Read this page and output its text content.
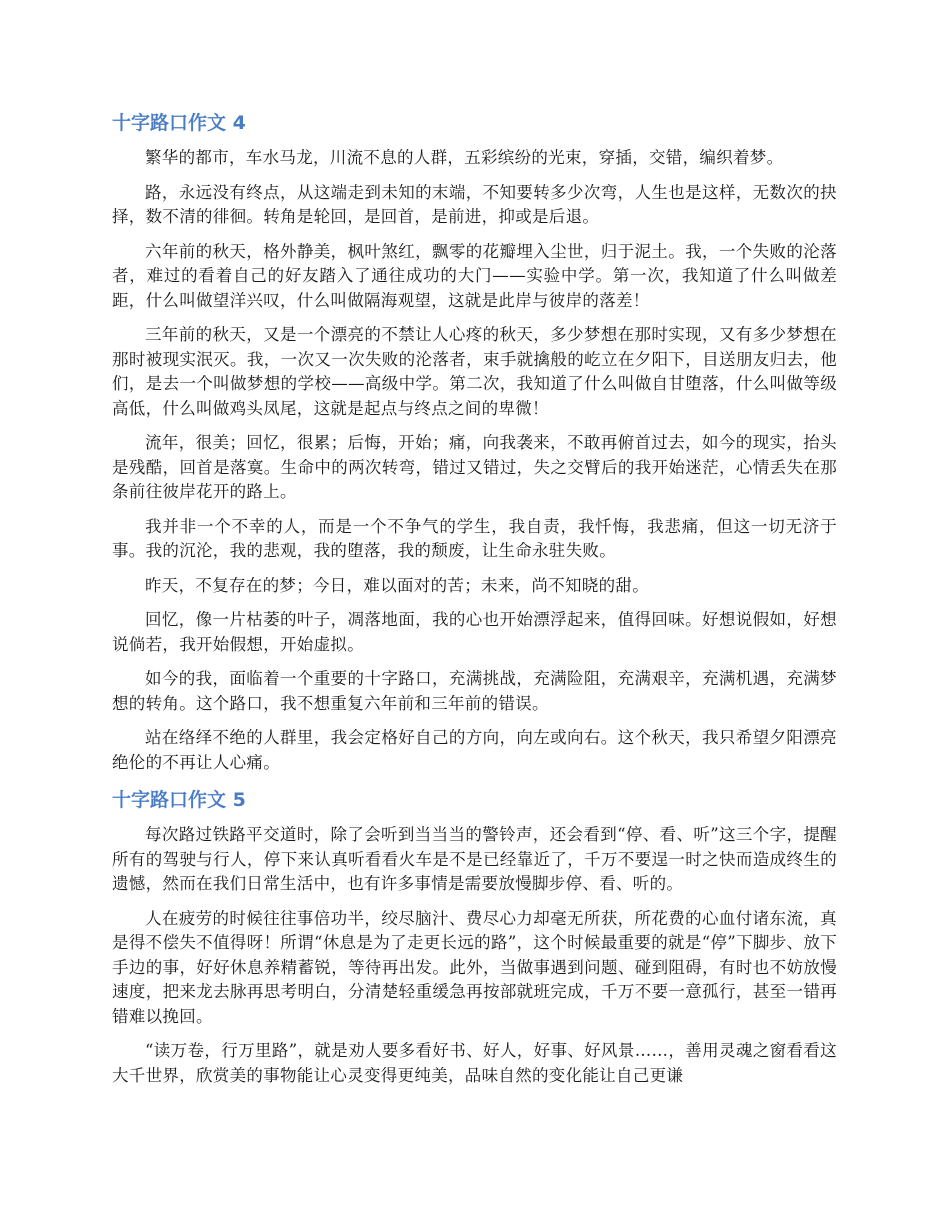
十字路口作文 4

繁华的都市，车水马龙，川流不息的人群，五彩缤纷的光束，穿插，交错，编织着梦。

路，永远没有终点，从这端走到未知的末端，不知要转多少次弯，人生也是这样，无数次的抉择，数不清的徘徊。转角是轮回，是回首，是前进，抑或是后退。

六年前的秋天，格外静美，枫叶煞红，飘零的花瓣埋入尘世，归于泥土。我，一个失败的沦落者，难过的看着自己的好友踏入了通往成功的大门——实验中学。第一次，我知道了什么叫做差距，什么叫做望洋兴叹，什么叫做隔海观望，这就是此岸与彼岸的落差！

三年前的秋天，又是一个漂亮的不禁让人心疼的秋天，多少梦想在那时实现，又有多少梦想在那时被现实泯灭。我，一次又一次失败的沦落者，束手就擒般的屹立在夕阳下，目送朋友归去，他们，是去一个叫做梦想的学校——高级中学。第二次，我知道了什么叫做自甘堕落，什么叫做等级高低，什么叫做鸡头凤尾，这就是起点与终点之间的卑微！

流年，很美；回忆，很累；后悔，开始；痛，向我袭来，不敢再俯首过去，如今的现实，抬头是残酷，回首是落寞。生命中的两次转弯，错过又错过，失之交臂后的我开始迷茫，心情丢失在那条前往彼岸花开的路上。

我并非一个不幸的人，而是一个不争气的学生，我自责，我忏悔，我悲痛，但这一切无济于事。我的沉沦，我的悲观，我的堕落，我的颓废，让生命永驻失败。

昨天，不复存在的梦；今日，难以面对的苦；未来，尚不知晓的甜。

回忆，像一片枯萎的叶子，凋落地面，我的心也开始漂浮起来，值得回味。好想说假如，好想说倘若，我开始假想，开始虚拟。

如今的我，面临着一个重要的十字路口，充满挑战，充满险阻，充满艰辛，充满机遇，充满梦想的转角。这个路口，我不想重复六年前和三年前的错误。

站在络绎不绝的人群里，我会定格好自己的方向，向左或向右。这个秋天，我只希望夕阳漂亮绝伦的不再让人心痛。

十字路口作文 5

每次路过铁路平交道时，除了会听到当当当的警铃声，还会看到“停、看、听”这三个字，提醒所有的驾驶与行人，停下来认真听看看火车是不是已经靠近了，千万不要逞一时之快而造成终生的遗憾，然而在我们日常生活中，也有许多事情是需要放慢脚步停、看、听的。

人在疲劳的时候往往事倍功半，绞尽脑汁、费尽心力却毫无所获，所花费的心血付诸东流，真是得不偿失不值得呀！所谓“休息是为了走更长远的路”，这个时候最重要的就是“停”下脚步、放下手边的事，好好休息养精蓄锐，等待再出发。此外，当做事遇到问题、碰到阻碍，有时也不妨放慢速度，把来龙去脉再思考明白，分清楚轻重缓急再按部就班完成，千万不要一意孤行，甚至一错再错难以挽回。

“读万卷，行万里路”，就是劝人要多看好书、好人，好事、好风景……，善用灵魂之窗看看这大千世界，欣赏美的事物能让心灵变得更纯美，品味自然的变化能让自己更谦
